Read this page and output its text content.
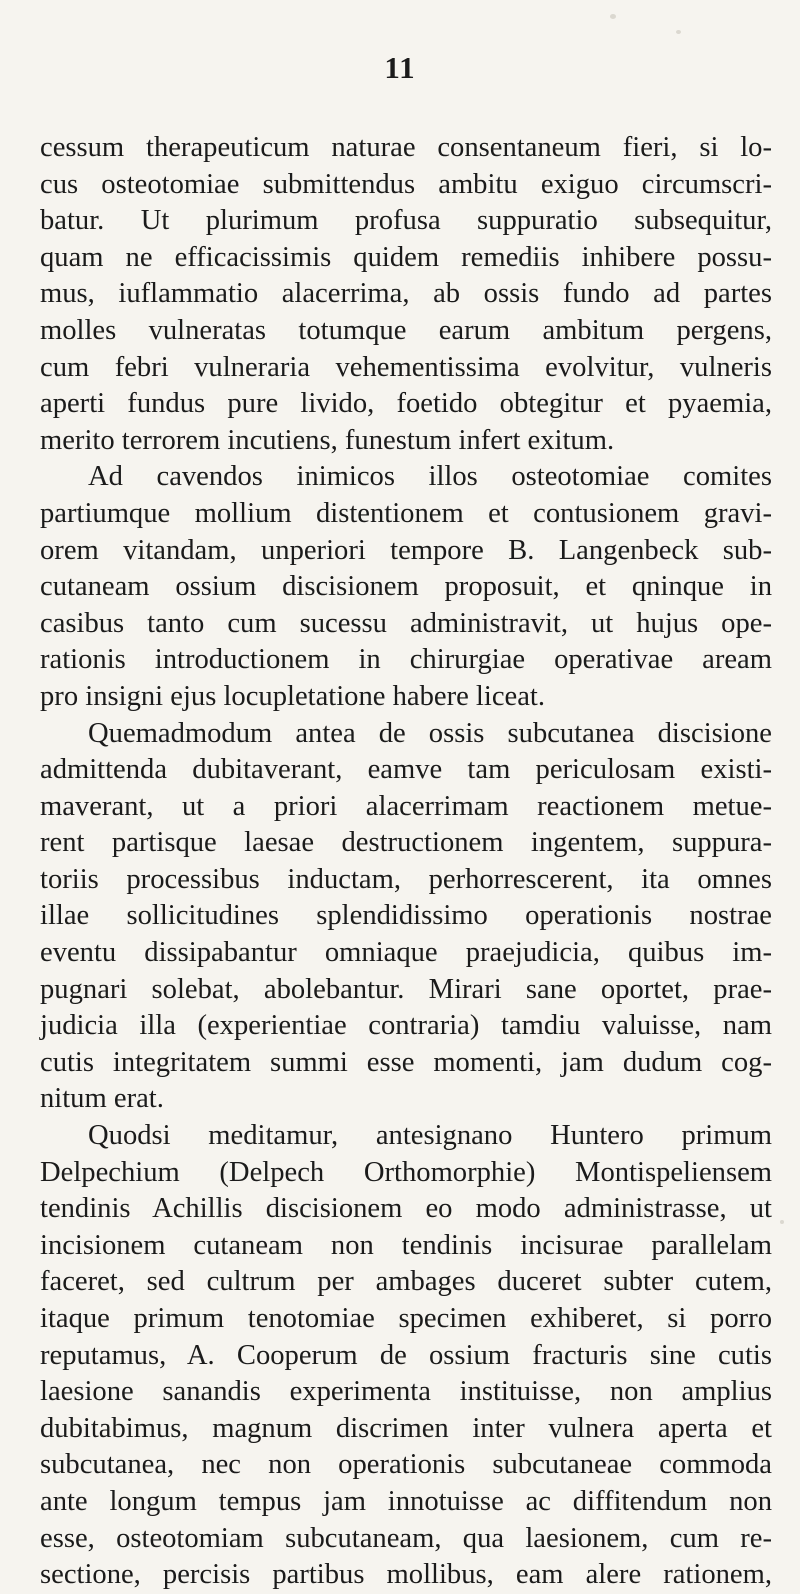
11
cessum therapeuticum naturae consentaneum fieri, si lo-
cus osteotomiae submittendus ambitu exiguo circumscri-
batur. Ut plurimum profusa suppuratio subsequitur,
quam ne efficacissimis quidem remediis inhibere possu-
mus, iuflammatio alacerrima, ab ossis fundo ad partes
molles vulneratas totumque earum ambitum pergens,
cum febri vulneraria vehementissima evolvitur, vulneris
aperti fundus pure livido, foetido obtegitur et pyaemia,
merito terrorem incutiens, funestum infert exitum.
Ad cavendos inimicos illos osteotomiae comites
partiumque mollium distentionem et contusionem gravi-
orem vitandam, unperiori tempore B. Langenbeck sub-
cutaneam ossium discisionem proposuit, et qninque in
casibus tanto cum sucessu administravit, ut hujus ope-
rationis introductionem in chirurgiae operativae aream
pro insigni ejus locupletatione habere liceat.
Quemadmodum antea de ossis subcutanea discisione
admittenda dubitaverant, eamve tam periculosam existi-
maverant, ut a priori alacerrimam reactionem metue-
rent partisque laesae destructionem ingentem, suppura-
toriis processibus inductam, perhorrescerent, ita omnes
illae sollicitudines splendidissimo operationis nostrae
eventu dissipabantur omniaque praejudicia, quibus im-
pugnari solebat, abolebantur. Mirari sane oportet, prae-
judicia illa (experientiae contraria) tamdiu valuisse, nam
cutis integritatem summi esse momenti, jam dudum cog-
nitum erat.
Quodsi meditamur, antesignano Huntero primum
Delpechium (Delpech Orthomorphie) Montispeliensem
tendinis Achillis discisionem eo modo administrasse, ut
incisionem cutaneam non tendinis incisurae parallelam
faceret, sed cultrum per ambages duceret subter cutem,
itaque primum tenotomiae specimen exhiberet, si porro
reputamus, A. Cooperum de ossium fracturis sine cutis
laesione sanandis experimenta instituisse, non amplius
dubitabimus, magnum discrimen inter vulnera aperta et
subcutanea, nec non operationis subcutaneae commoda
ante longum tempus jam innotuisse ac diffitendum non
esse, osteotomiam subcutaneam, qua laesionem, cum re-
sectione, percisis partibus mollibus, eam alere rationem,
